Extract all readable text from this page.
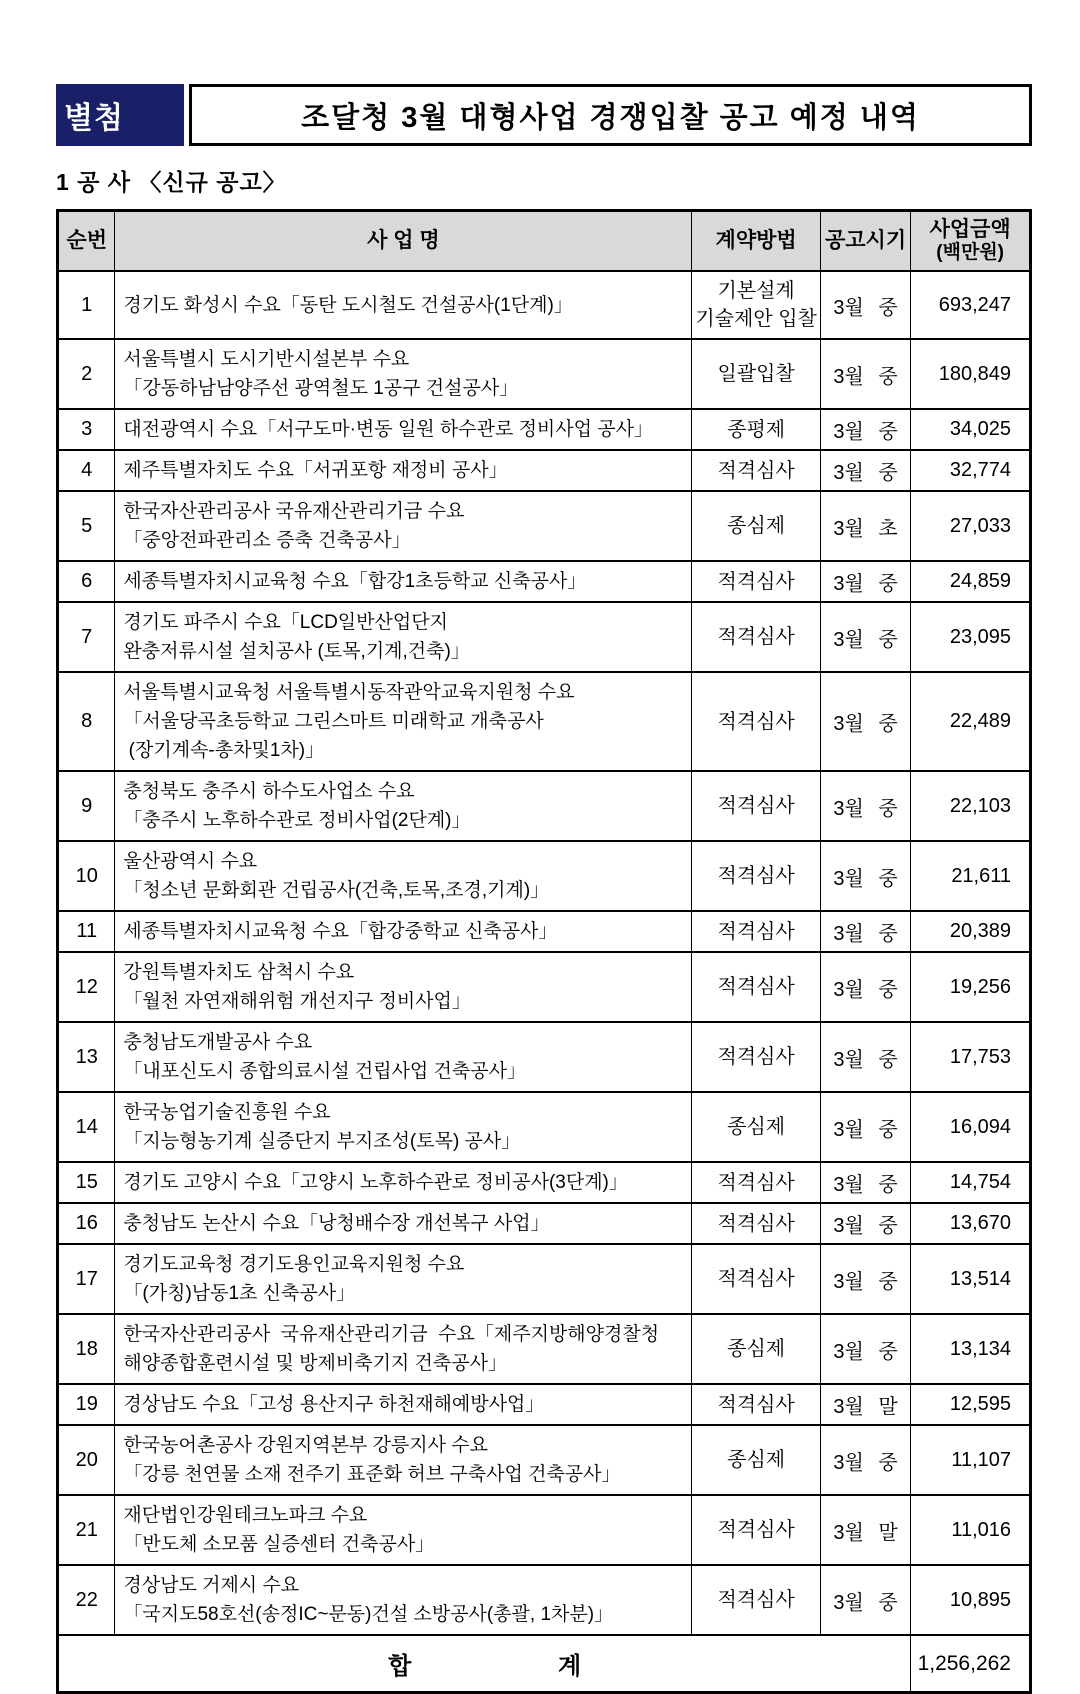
별첨	조달청 3월 대형사업 경쟁입찰 공고 예정 내역
1 공 사 〈신규 공고〉
순번	사 업 명	계약방법	공고시기	사업금액
(백만원)

1	경기도 화성시 수요「동탄 도시철도 건설공사(1단계)」	기본설계
기술제안 입찰	3월 중	693,247
2	서울특별시 도시기반시설본부 수요
「강동하남남양주선 광역철도 1공구 건설공사」	일괄입찰	3월 중	180,849
3	대전광역시 수요「서구도마·변동 일원 하수관로 정비사업 공사」	종평제	3월 중	34,025
4	제주특별자치도 수요「서귀포항 재정비 공사」	적격심사	3월 중	32,774
5	한국자산관리공사 국유재산관리기금 수요
「중앙전파관리소 증축 건축공사」	종심제	3월 초	27,033
6	세종특별자치시교육청 수요「합강1초등학교 신축공사」	적격심사	3월 중	24,859
7	경기도 파주시 수요「LCD일반산업단지
완충저류시설 설치공사 (토목,기계,건축)」	적격심사	3월 중	23,095
8	서울특별시교육청 서울특별시동작관악교육지원청 수요
「서울당곡초등학교 그린스마트 미래학교 개축공사
(장기계속-총차및1차)」	적격심사	3월 중	22,489
9	충청북도 충주시 하수도사업소 수요
「충주시 노후하수관로 정비사업(2단계)」	적격심사	3월 중	22,103
10	울산광역시 수요
「청소년 문화회관 건립공사(건축,토목,조경,기계)」	적격심사	3월 중	21,611
11	세종특별자치시교육청 수요「합강중학교 신축공사」	적격심사	3월 중	20,389
12	강원특별자치도 삼척시 수요
「월천 자연재해위험 개선지구 정비사업」	적격심사	3월 중	19,256
13	충청남도개발공사 수요
「내포신도시 종합의료시설 건립사업 건축공사」	적격심사	3월 중	17,753
14	한국농업기술진흥원 수요
「지능형농기계 실증단지 부지조성(토목) 공사」	종심제	3월 중	16,094
15	경기도 고양시 수요「고양시 노후하수관로 정비공사(3단계)」	적격심사	3월 중	14,754
16	충청남도 논산시 수요「낭청배수장 개선복구 사업」	적격심사	3월 중	13,670
17	경기도교육청 경기도용인교육지원청 수요
「(가칭)남동1초 신축공사」	적격심사	3월 중	13,514
18	한국자산관리공사  국유재산관리기금  수요「제주지방해양경찰청
해양종합훈련시설 및 방제비축기지 건축공사」	종심제	3월 중	13,134
19	경상남도 수요「고성 용산지구 하천재해예방사업」	적격심사	3월 말	12,595
20	한국농어촌공사 강원지역본부 강릉지사 수요
「강릉 천연물 소재 전주기 표준화 허브 구축사업 건축공사」	종심제	3월 중	11,107
21	재단법인강원테크노파크 수요
「반도체 소모품 실증센터 건축공사」	적격심사	3월 말	11,016
22	경상남도 거제시 수요
「국지도58호선(송정IC~문동)건설 소방공사(총괄, 1차분)」	적격심사	3월 중	10,895
합                      계				1,256,262
